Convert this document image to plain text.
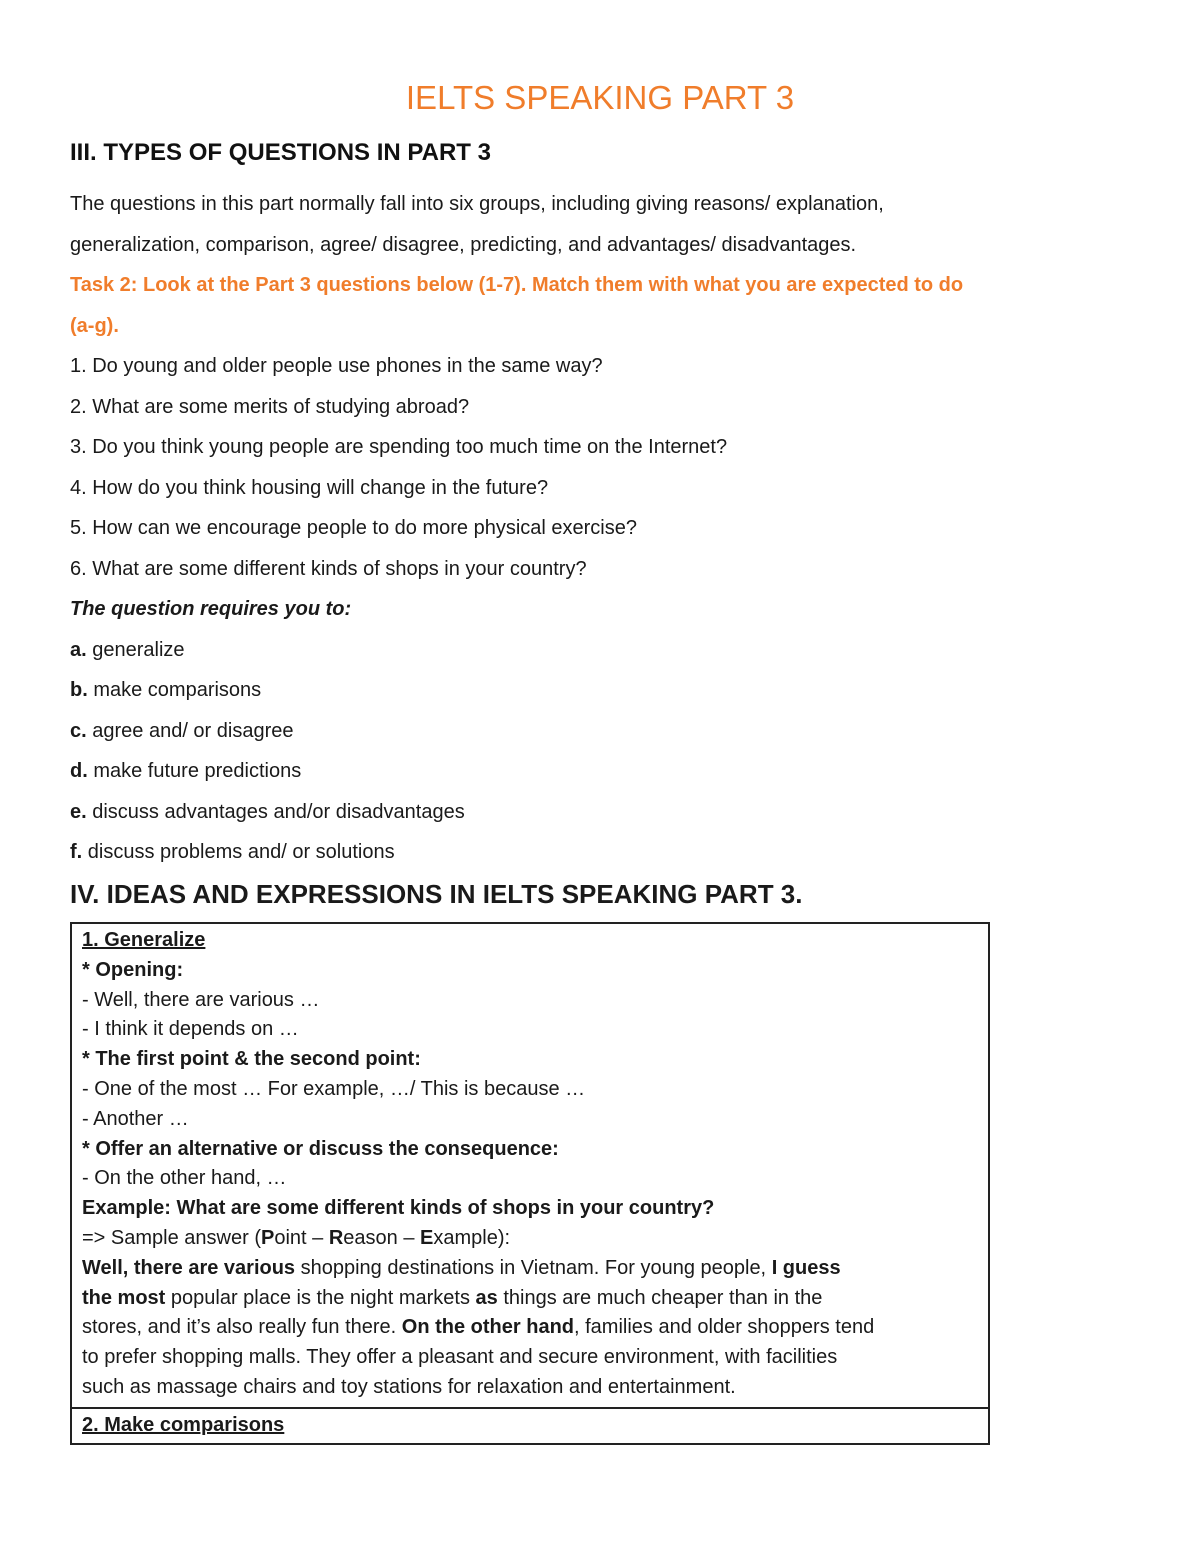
IELTS SPEAKING PART 3
III. TYPES OF QUESTIONS IN PART 3

The questions in this part normally fall into six groups, including giving reasons/ explanation,

generalization, comparison, agree/ disagree, predicting, and advantages/ disadvantages.

Task 2: Look at the Part 3 questions below (1-7). Match them with what you are expected to do

(a-g).

1. Do young and older people use phones in the same way?

2. What are some merits of studying abroad?

3. Do you think young people are spending too much time on the Internet?

4. How do you think housing will change in the future?

5. How can we encourage people to do more physical exercise?

6. What are some different kinds of shops in your country?

The question requires you to:

a. generalize

b. make comparisons

c. agree and/ or disagree

d. make future predictions

e. discuss advantages and/or disadvantages

f. discuss problems and/ or solutions

IV. IDEAS AND EXPRESSIONS IN IELTS SPEAKING PART 3.
1. Generalize
* Opening:
- Well, there are various …
- I think it depends on …
* The first point & the second point:
- One of the most … For example, …/ This is because …
- Another …
* Offer an alternative or discuss the consequence:
- On the other hand, …
Example: What are some different kinds of shops in your country?
=> Sample answer (Point – Reason – Example):
Well, there are various shopping destinations in Vietnam. For young people, I guess
the most popular place is the night markets as things are much cheaper than in the
stores, and it’s also really fun there. On the other hand, families and older shoppers tend
to prefer shopping malls. They offer a pleasant and secure environment, with facilities
such as massage chairs and toy stations for relaxation and entertainment.
2. Make comparisons
